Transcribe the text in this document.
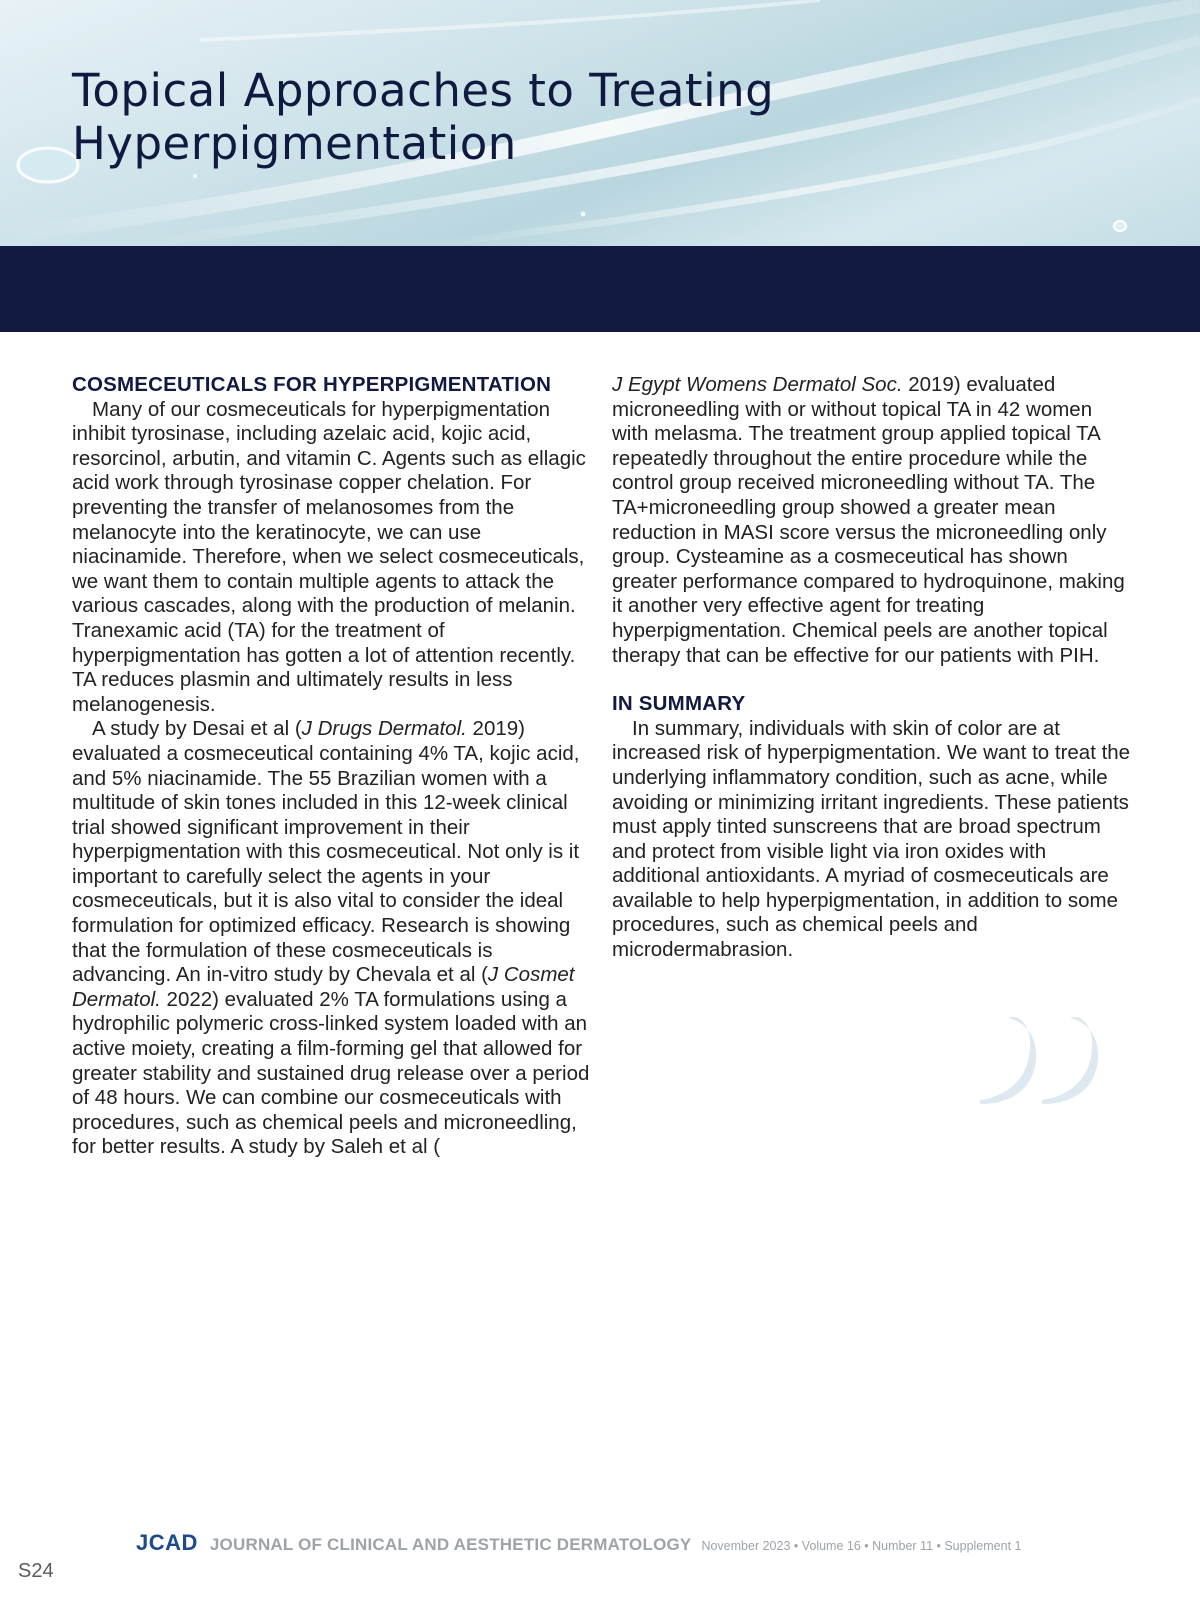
Topical Approaches to Treating
Hyperpigmentation
COSMECEUTICALS FOR HYPERPIGMENTATION

Many of our cosmeceuticals for hyperpigmentation inhibit tyrosinase, including azelaic acid, kojic acid, resorcinol, arbutin, and vitamin C. Agents such as ellagic acid work through tyrosinase copper chelation. For preventing the transfer of melanosomes from the melanocyte into the keratinocyte, we can use niacinamide. Therefore, when we select cosmeceuticals, we want them to contain multiple agents to attack the various cascades, along with the production of melanin. Tranexamic acid (TA) for the treatment of hyperpigmentation has gotten a lot of attention recently. TA reduces plasmin and ultimately results in less melanogenesis.

A study by Desai et al (J Drugs Dermatol. 2019) evaluated a cosmeceutical containing 4% TA, kojic acid, and 5% niacinamide. The 55 Brazilian women with a multitude of skin tones included in this 12-week clinical trial showed significant improvement in their hyperpigmentation with this cosmeceutical. Not only is it important to carefully select the agents in your cosmeceuticals, but it is also vital to consider the ideal formulation for optimized efficacy. Research is showing that the formulation of these cosmeceuticals is advancing. An in-vitro study by Chevala et al (J Cosmet Dermatol. 2022) evaluated 2% TA formulations using a hydrophilic polymeric cross-linked system loaded with an active moiety, creating a film-forming gel that allowed for greater stability and sustained drug release over a period of 48 hours. We can combine our cosmeceuticals with procedures, such as chemical peels and microneedling, for better results. A study by Saleh et al (

J Egypt Womens Dermatol Soc. 2019) evaluated microneedling with or without topical TA in 42 women with melasma. The treatment group applied topical TA repeatedly throughout the entire procedure while the control group received microneedling without TA. The TA+microneedling group showed a greater mean reduction in MASI score versus the microneedling only group. Cysteamine as a cosmeceutical has shown greater performance compared to hydroquinone, making it another very effective agent for treating hyperpigmentation. Chemical peels are another topical therapy that can be effective for our patients with PIH.

IN SUMMARY

In summary, individuals with skin of color are at increased risk of hyperpigmentation. We want to treat the underlying inflammatory condition, such as acne, while avoiding or minimizing irritant ingredients. These patients must apply tinted sunscreens that are broad spectrum and protect from visible light via iron oxides with additional antioxidants. A myriad of cosmeceuticals are available to help hyperpigmentation, in addition to some procedures, such as chemical peels and microdermabrasion.

JCAD JOURNAL OF CLINICAL AND AESTHETIC DERMATOLOGY November 2023 • Volume 16 • Number 11 • Supplement 1
S24
